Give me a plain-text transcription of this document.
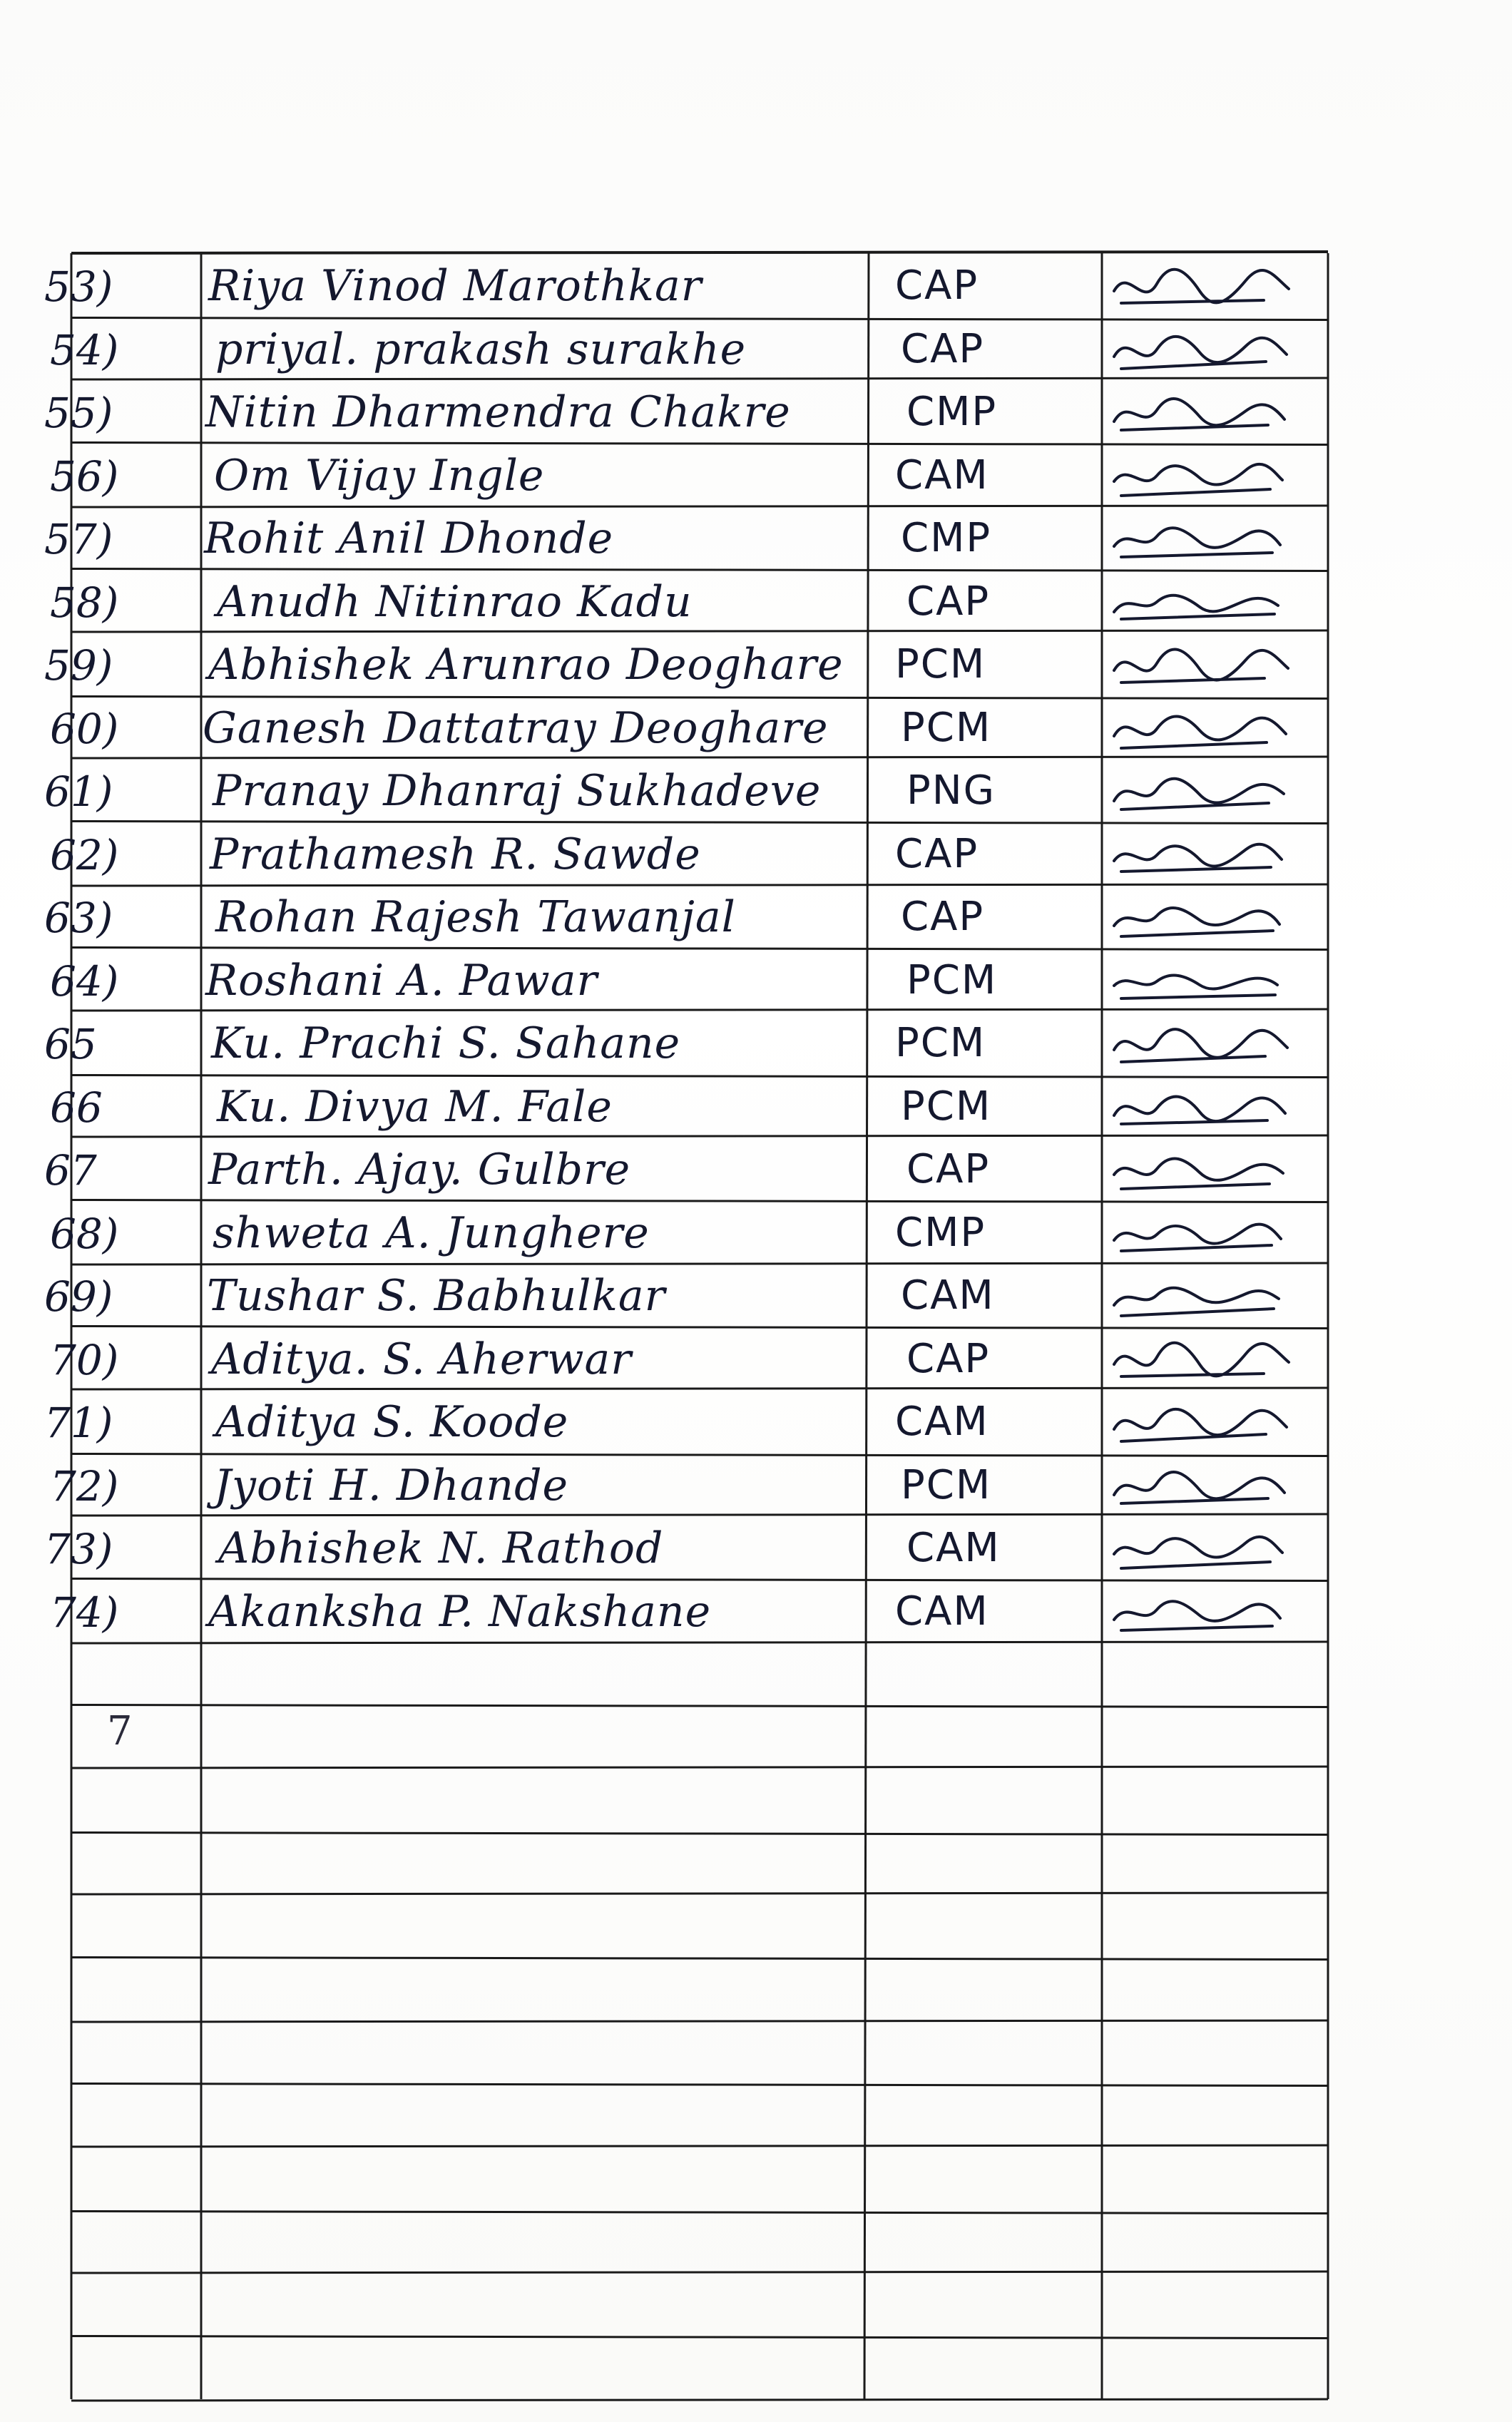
53) Riya Vinod Marothkar	CAP
54) priyal. prakash surakhe	CAP
55) Nitin Dharmendra Chakre	CMP
56) Om Vijay Ingle	CAM
57) Rohit Anil Dhonde	CMP
58) Anudh Nitinrao Kadu	CAP
59) Abhishek Arunrao Deoghare PCM
60) Ganesh Dattatray Deoghare PCM
61) Pranay Dhanraj Sukhadeve PNG
62) Prathamesh R. Sawde	CAP
63) Rohan Rajesh Tawanjal	CAP
64) Roshani A. Pawar	PCM
65	Ku. Prachi S. Sahane	PCM
66	Ku. Divya M. Fale	PCM
67	Parth. Ajay. Gulbre	CAP
68) shweta A. Junghere	CMP
69) Tushar S. Babhulkar	CAM
70) Aditya. S. Aherwar	CAP
71) Aditya S. Koode	CAM
72) Jyoti H. Dhande	PCM
73) Abhishek N. Rathod	CAM
74) Akanksha P. Nakshane	CAM
7
